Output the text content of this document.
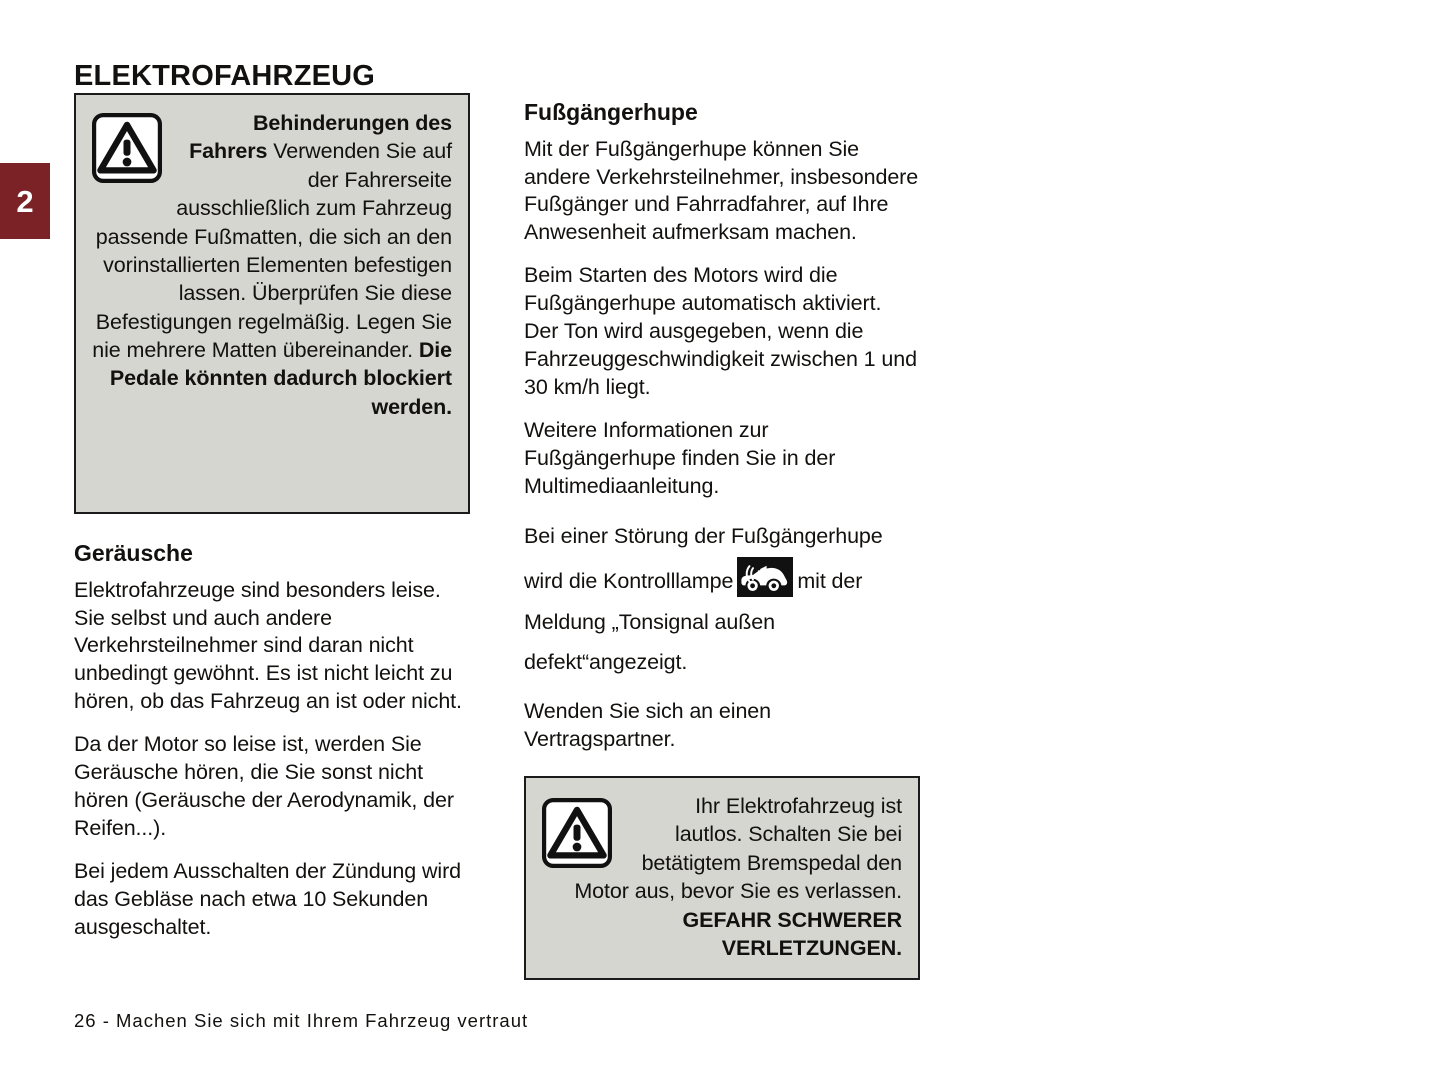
2
ELEKTROFAHRZEUG

Behinderungen des Fahrers Verwenden Sie auf der Fahrerseite ausschließlich zum Fahrzeug passende Fußmatten, die sich an den vorinstallierten Elementen befestigen lassen. Überprüfen Sie diese Befestigungen regelmäßig. Legen Sie nie mehrere Matten übereinander. Die Pedale könnten dadurch blockiert werden.

Geräusche

Elektrofahrzeuge sind besonders leise. Sie selbst und auch andere Verkehrsteilnehmer sind daran nicht unbedingt gewöhnt. Es ist nicht leicht zu hören, ob das Fahrzeug an ist oder nicht.

Da der Motor so leise ist, werden Sie Geräusche hören, die Sie sonst nicht hören (Geräusche der Aerodynamik, der Reifen...).

Bei jedem Ausschalten der Zündung wird das Gebläse nach etwa 10 Sekunden ausgeschaltet.

Fußgängerhupe

Mit der Fußgängerhupe können Sie andere Verkehrsteilnehmer, insbesondere Fußgänger und Fahrradfahrer, auf Ihre Anwesenheit aufmerksam machen.

Beim Starten des Motors wird die Fußgängerhupe automatisch aktiviert. Der Ton wird ausgegeben, wenn die Fahrzeuggeschwindigkeit zwischen 1 und 30 km/h liegt.

Weitere Informationen zur Fußgängerhupe finden Sie in der Multimediaanleitung.

Bei einer Störung der Fußgängerhupe wird die Kontrolllampe	mit der Meldung „Tonsignal außen defekt“angezeigt.

Wenden Sie sich an einen Vertragspartner.

Ihr Elektrofahrzeug ist lautlos. Schalten Sie bei betätigtem Bremspedal den Motor aus, bevor Sie es verlassen. GEFAHR SCHWERER VERLETZUNGEN.

26 - Machen Sie sich mit Ihrem Fahrzeug vertraut
